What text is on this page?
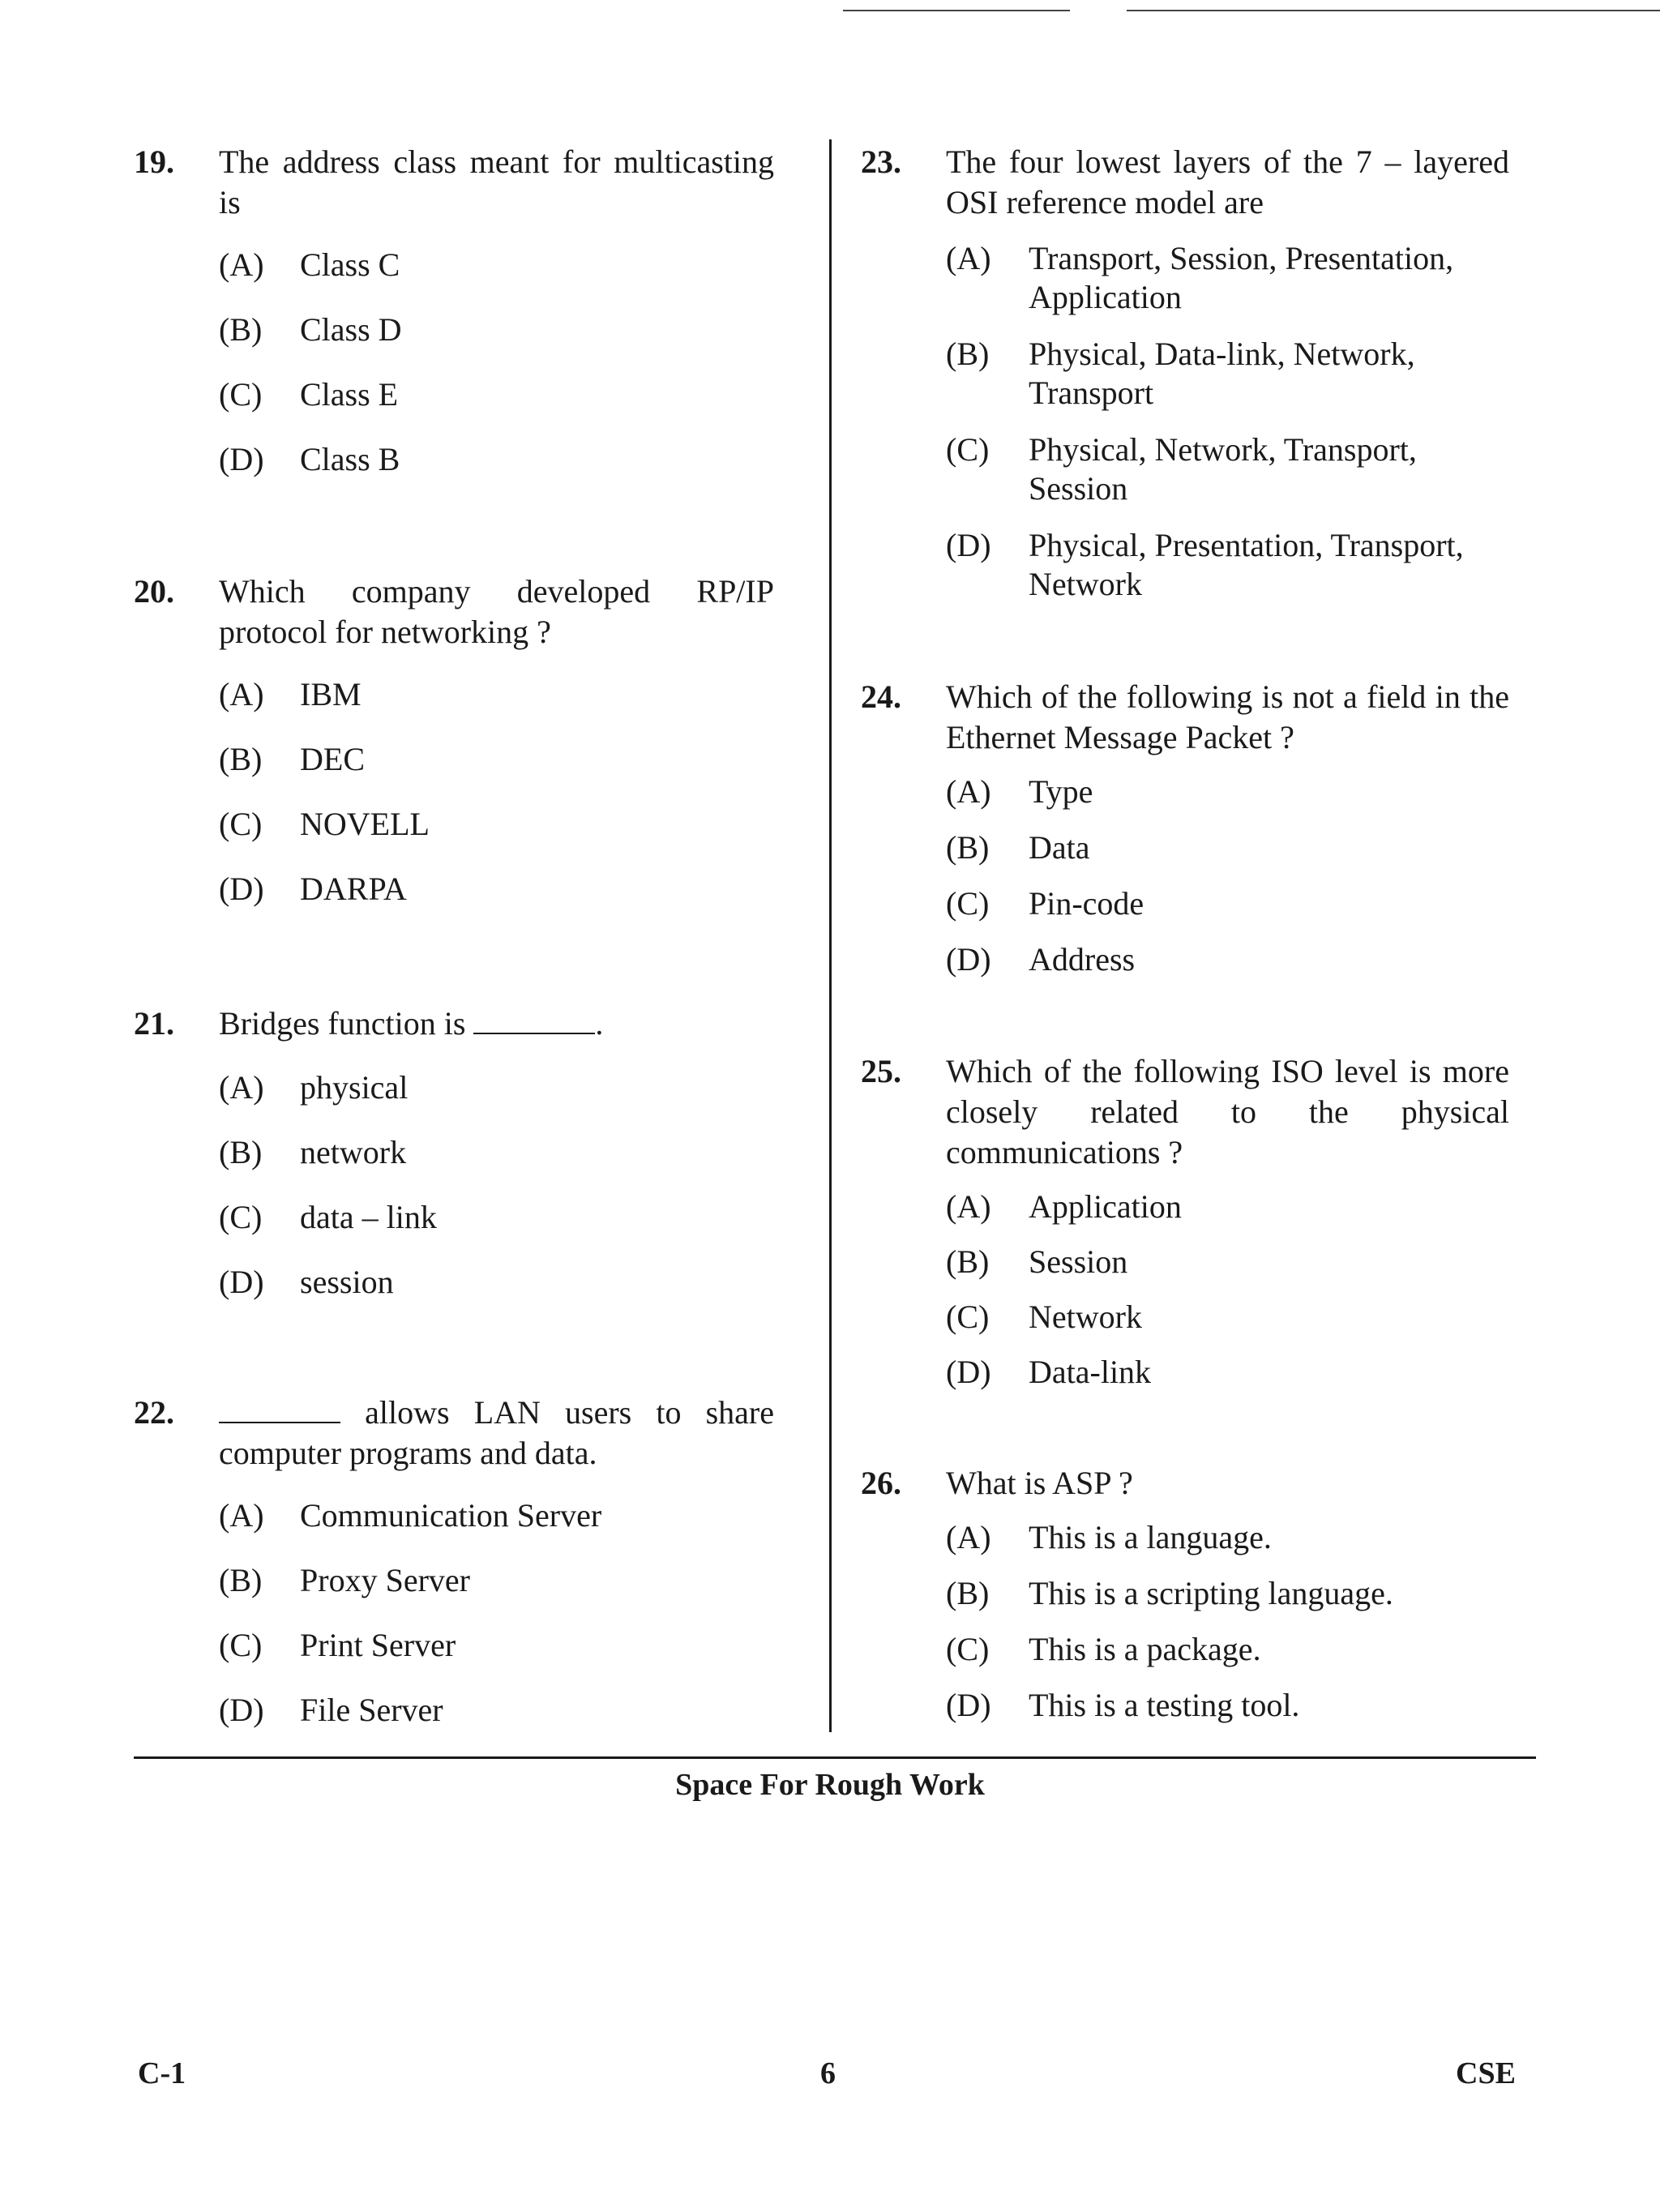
19. The address class meant for multicasting is
(A) Class C
(B) Class D
(C) Class E
(D) Class B
20. Which company developed RP/IP protocol for networking ?
(A) IBM
(B) DEC
(C) NOVELL
(D) DARPA
21. Bridges function is	.
(A) physical
(B) network
(C) data – link
(D) session
22.	allows LAN users to share computer programs and data.
(A) Communication Server
(B) Proxy Server
(C) Print Server
(D) File Server
23. The four lowest layers of the 7 – layered OSI reference model are
(A) Transport, Session, Presentation, Application
(B) Physical, Data-link, Network, Transport
(C) Physical, Network, Transport, Session
(D) Physical, Presentation, Transport, Network
24. Which of the following is not a field in the Ethernet Message Packet ?
(A) Type
(B) Data
(C) Pin-code
(D) Address
25. Which of the following ISO level is more closely related to the physical communications ?
(A) Application
(B) Session
(C) Network
(D) Data-link
26. What is ASP ?
(A) This is a language.
(B) This is a scripting language.
(C) This is a package.
(D) This is a testing tool.
Space For Rough Work
C-1	6	CSE
